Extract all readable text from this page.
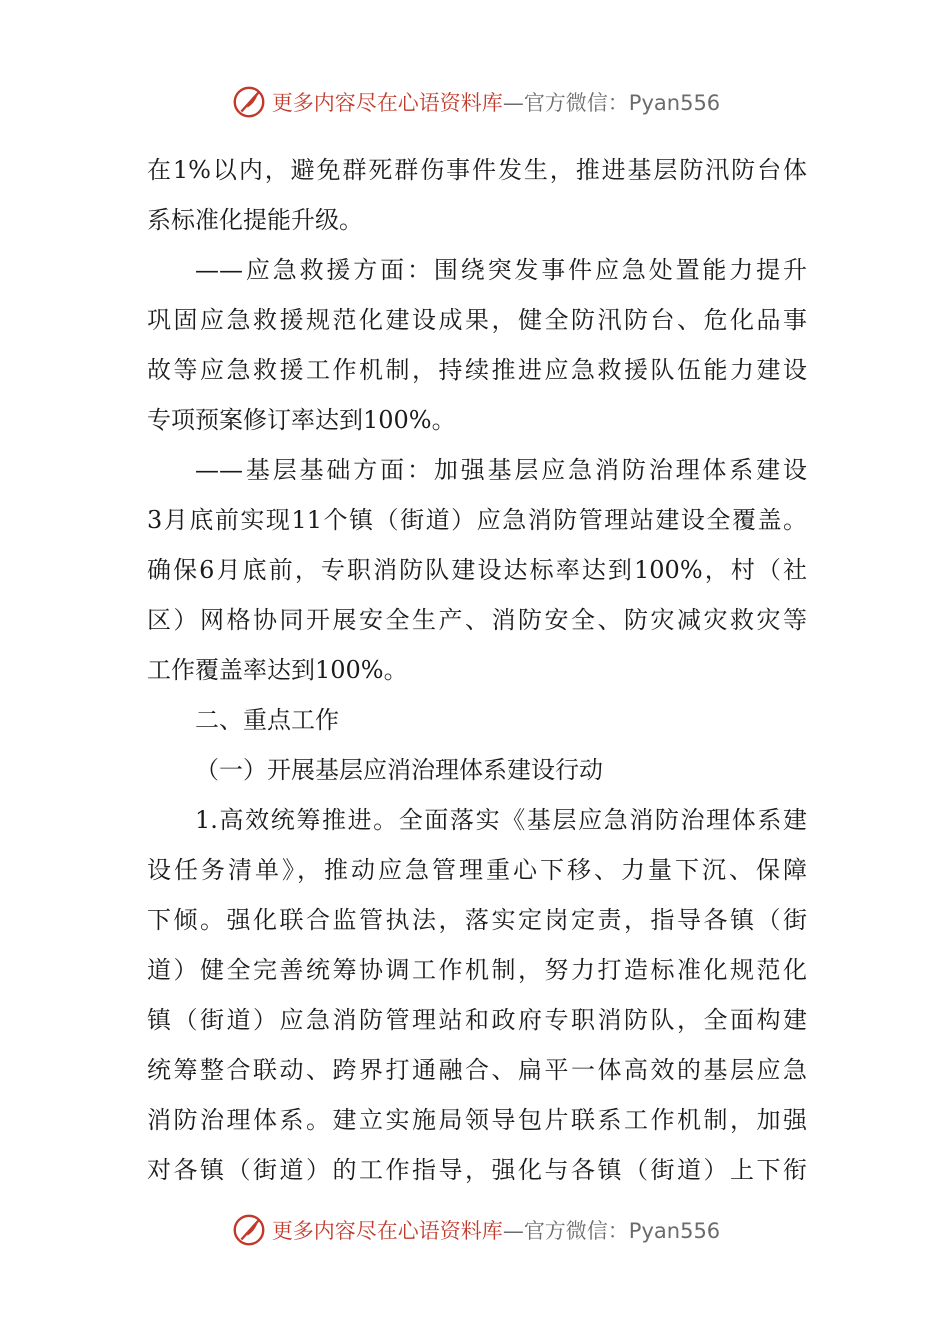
更多内容尽在心语资料库 —官方微信：Pyan556
在1%以内，避免群死群伤事件发生，推进基层防汛防台体
系标准化提能升级。
——应急救援方面：围绕突发事件应急处置能力提升
巩固应急救援规范化建设成果，健全防汛防台、危化品事
故等应急救援工作机制，持续推进应急救援队伍能力建设
专项预案修订率达到100%。
——基层基础方面：加强基层应急消防治理体系建设
3月底前实现11个镇（街道）应急消防管理站建设全覆盖。
确保6月底前，专职消防队建设达标率达到100%，村（社
区）网格协同开展安全生产、消防安全、防灾减灾救灾等
工作覆盖率达到100%。
二、重点工作
（一）开展基层应消治理体系建设行动
1.高效统筹推进。全面落实《基层应急消防治理体系建
设任务清单》，推动应急管理重心下移、力量下沉、保障
下倾。强化联合监管执法，落实定岗定责，指导各镇（街
道）健全完善统筹协调工作机制，努力打造标准化规范化
镇（街道）应急消防管理站和政府专职消防队，全面构建
统筹整合联动、跨界打通融合、扁平一体高效的基层应急
消防治理体系。建立实施局领导包片联系工作机制，加强
对各镇（街道）的工作指导，强化与各镇（街道）上下衔
更多内容尽在心语资料库 —官方微信：Pyan556
